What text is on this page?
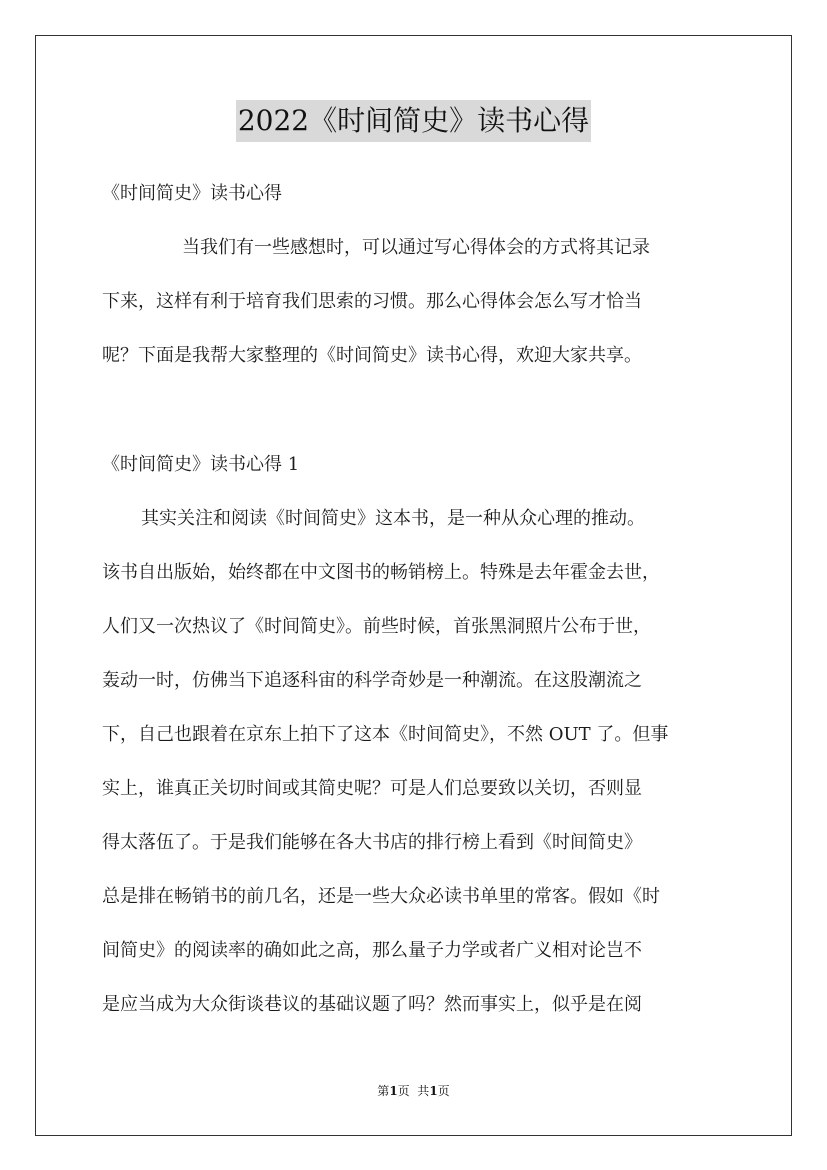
2022《时间简史》读书心得
《时间简史》读书心得
当我们有一些感想时，可以通过写心得体会的方式将其记录
下来，这样有利于培育我们思索的习惯。那么心得体会怎么写才恰当
呢？下面是我帮大家整理的《时间简史》读书心得，欢迎大家共享。
《时间简史》读书心得 1
其实关注和阅读《时间简史》这本书，是一种从众心理的推动。
该书自出版始，始终都在中文图书的畅销榜上。特殊是去年霍金去世，
人们又一次热议了《时间简史》。前些时候，首张黑洞照片公布于世，
轰动一时，仿佛当下追逐科宙的科学奇妙是一种潮流。在这股潮流之
下，自己也跟着在京东上拍下了这本《时间简史》，不然 OUT 了。但事
实上，谁真正关切时间或其简史呢？可是人们总要致以关切，否则显
得太落伍了。于是我们能够在各大书店的排行榜上看到《时间简史》
总是排在畅销书的前几名，还是一些大众必读书单里的常客。假如《时
间简史》的阅读率的确如此之高，那么量子力学或者广义相对论岂不
是应当成为大众街谈巷议的基础议题了吗？然而事实上，似乎是在阅
第1页  共1页
